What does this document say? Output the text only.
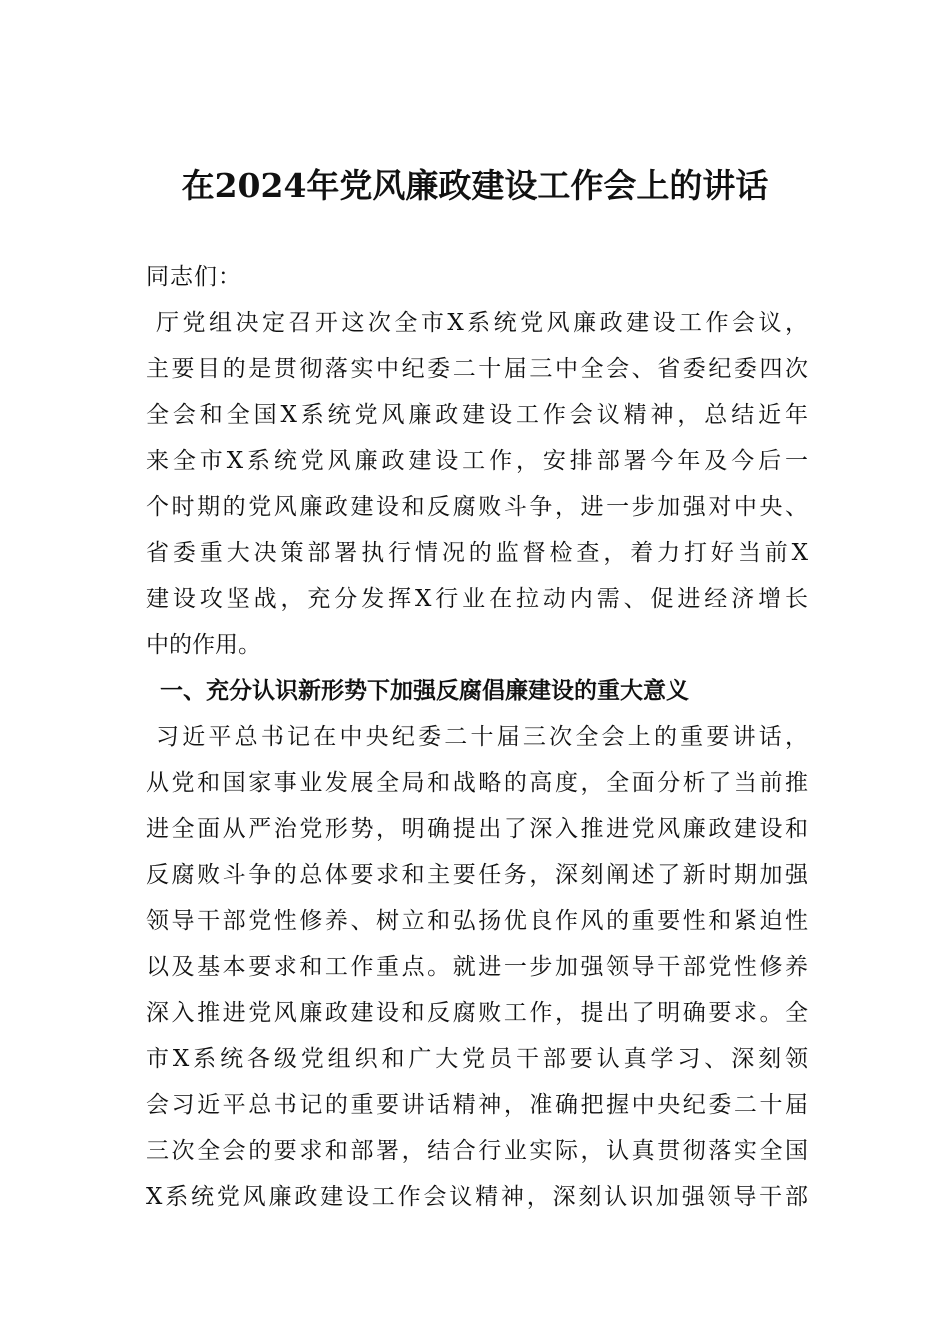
在2024年党风廉政建设工作会上的讲话
同志们：
厅党组决定召开这次全市X系统党风廉政建设工作会议，
主要目的是贯彻落实中纪委二十届三中全会、省委纪委四次
全会和全国X系统党风廉政建设工作会议精神，总结近年
来全市X系统党风廉政建设工作，安排部署今年及今后一
个时期的党风廉政建设和反腐败斗争，进一步加强对中央、
省委重大决策部署执行情况的监督检查，着力打好当前X
建设攻坚战，充分发挥X行业在拉动内需、促进经济增长
中的作用。
一、充分认识新形势下加强反腐倡廉建设的重大意义
习近平总书记在中央纪委二十届三次全会上的重要讲话，
从党和国家事业发展全局和战略的高度，全面分析了当前推
进全面从严治党形势，明确提出了深入推进党风廉政建设和
反腐败斗争的总体要求和主要任务，深刻阐述了新时期加强
领导干部党性修养、树立和弘扬优良作风的重要性和紧迫性
以及基本要求和工作重点。就进一步加强领导干部党性修养
深入推进党风廉政建设和反腐败工作，提出了明确要求。全
市X系统各级党组织和广大党员干部要认真学习、深刻领
会习近平总书记的重要讲话精神，准确把握中央纪委二十届
三次全会的要求和部署，结合行业实际，认真贯彻落实全国
X系统党风廉政建设工作会议精神，深刻认识加强领导干部
